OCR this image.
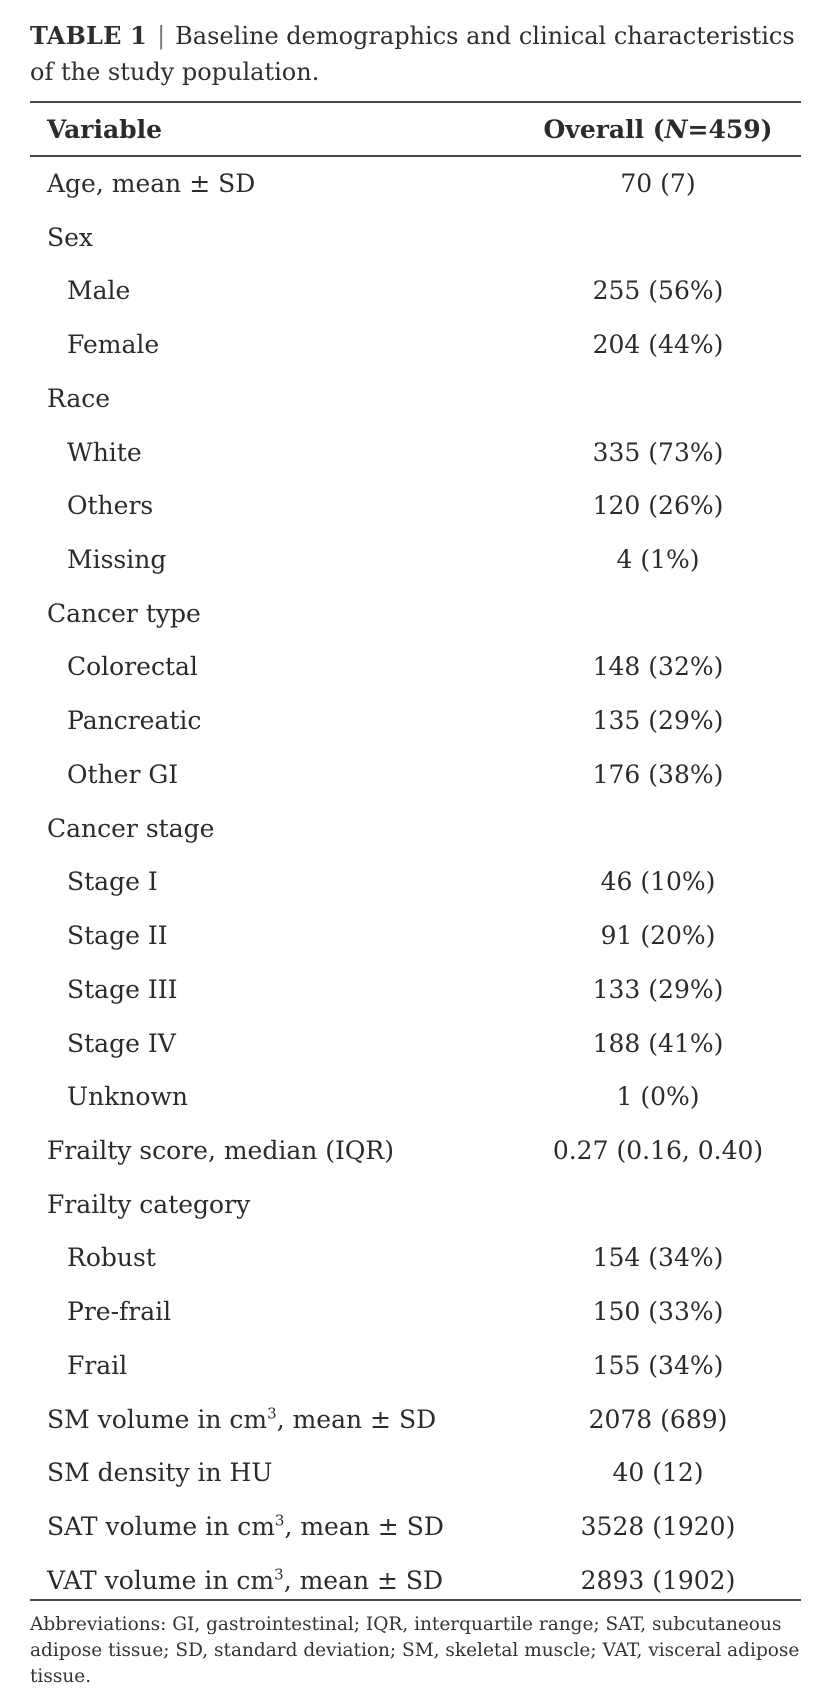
TABLE 1 | Baseline demographics and clinical characteristics of the study population.
Variable	Overall (N=459)
Age, mean ± SD	70 (7)
Sex
Male	255 (56%)
Female	204 (44%)
Race
White	335 (73%)
Others	120 (26%)
Missing	4 (1%)
Cancer type
Colorectal	148 (32%)
Pancreatic	135 (29%)
Other GI	176 (38%)
Cancer stage
Stage I	46 (10%)
Stage II	91 (20%)
Stage III	133 (29%)
Stage IV	188 (41%)
Unknown	1 (0%)
Frailty score, median (IQR)	0.27 (0.16, 0.40)
Frailty category
Robust	154 (34%)
Pre-frail	150 (33%)
Frail	155 (34%)
SM volume in $cm^3$, mean ± SD	2078 (689)
SM density in HU	40 (12)
SAT volume in $cm^3$, mean ± SD	3528 (1920)
VAT volume in $cm^3$, mean ± SD	2893 (1902)
Abbreviations: GI, gastrointestinal; IQR, interquartile range; SAT, subcutaneous adipose tissue; SD, standard deviation; SM, skeletal muscle; VAT, visceral adipose tissue.
